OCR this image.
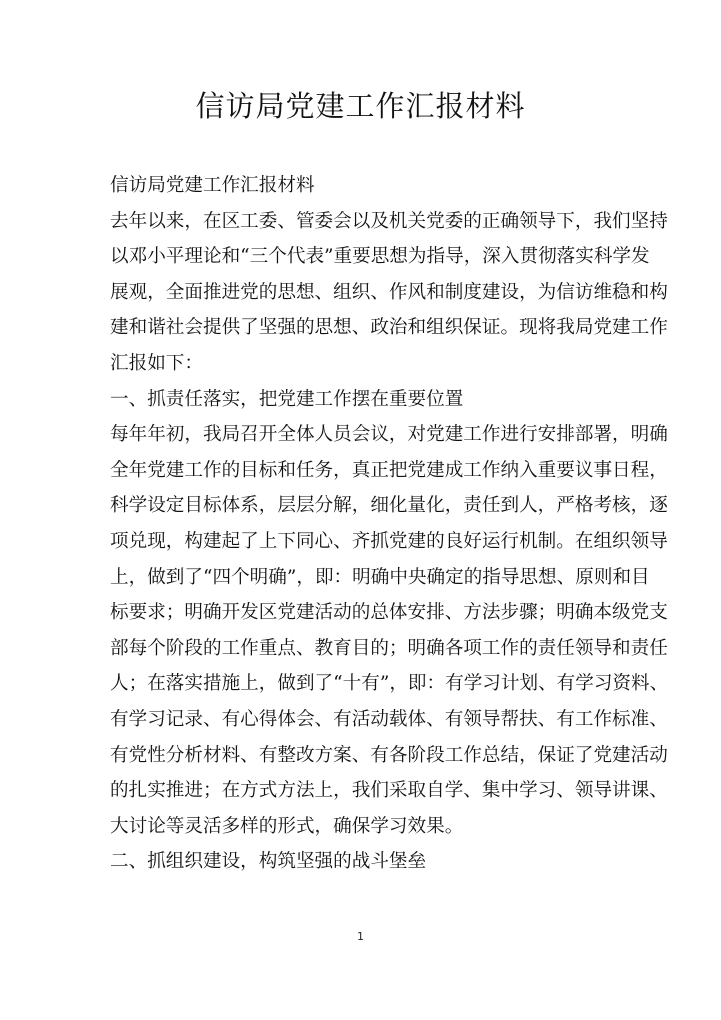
信访局党建工作汇报材料
信访局党建工作汇报材料
去年以来，在区工委、管委会以及机关党委的正确领导下，我们坚持
以邓小平理论和“三个代表”重要思想为指导，深入贯彻落实科学发
展观，全面推进党的思想、组织、作风和制度建设，为信访维稳和构
建和谐社会提供了坚强的思想、政治和组织保证。现将我局党建工作
汇报如下：
一、抓责任落实，把党建工作摆在重要位置
每年年初，我局召开全体人员会议，对党建工作进行安排部署，明确
全年党建工作的目标和任务，真正把党建成工作纳入重要议事日程，
科学设定目标体系，层层分解，细化量化，责任到人，严格考核，逐
项兑现，构建起了上下同心、齐抓党建的良好运行机制。在组织领导
上，做到了“四个明确”，即：明确中央确定的指导思想、原则和目
标要求；明确开发区党建活动的总体安排、方法步骤；明确本级党支
部每个阶段的工作重点、教育目的；明确各项工作的责任领导和责任
人；在落实措施上，做到了“十有”，即：有学习计划、有学习资料、
有学习记录、有心得体会、有活动载体、有领导帮扶、有工作标准、
有党性分析材料、有整改方案、有各阶段工作总结，保证了党建活动
的扎实推进；在方式方法上，我们采取自学、集中学习、领导讲课、
大讨论等灵活多样的形式，确保学习效果。
二、抓组织建设，构筑坚强的战斗堡垒
1
